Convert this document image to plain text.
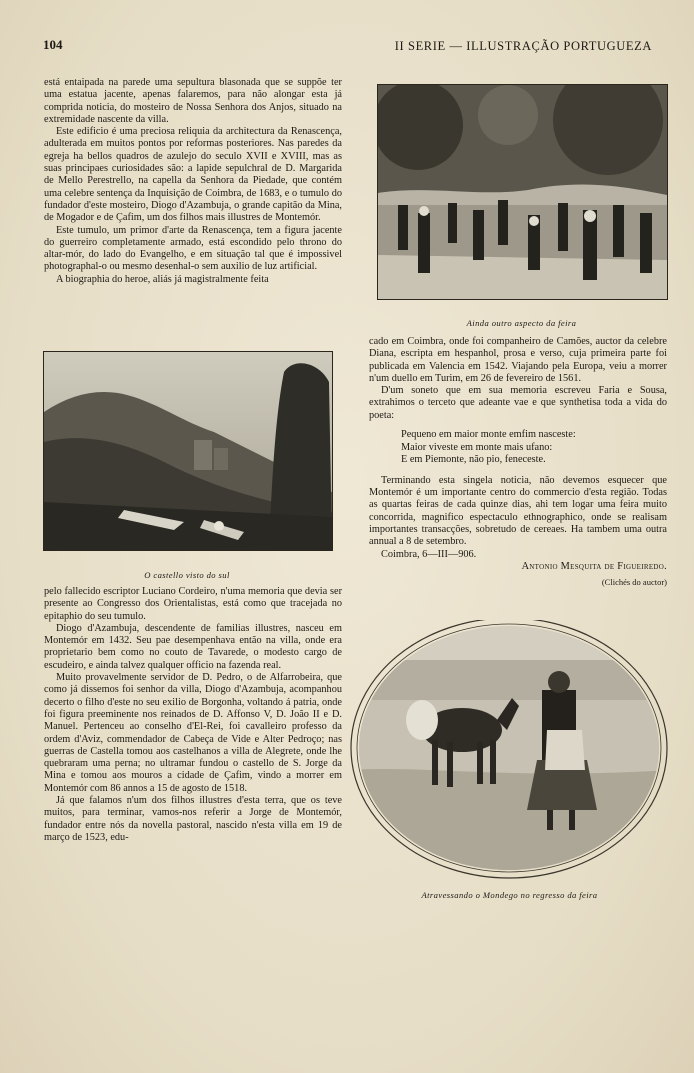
104	II SERIE — ILLUSTRAÇÃO PORTUGUEZA

está entaipada na parede uma sepultura blasonada que se suppõe ter uma estatua jacente, apenas falaremos, para não alongar esta já comprida noticia, do mosteiro de Nossa Senhora dos Anjos, situado na extremidade nascente da villa.

Este edificio é uma preciosa reliquia da architectura da Renascença, adulterada em muitos pontos por reformas posteriores. Nas paredes da egreja ha bellos quadros de azulejo do seculo XVII e XVIII, mas as suas principaes curiosidades são: a lapide sepulchral de D. Margarida de Mello Perestrello, na capella da Senhora da Piedade, que contém uma celebre sentença da Inquisição de Coimbra, de 1683, e o tumulo do fundador d'este mosteiro, Diogo d'Azambuja, o grande capitão da Mina, de Mogador e de Çafim, um dos filhos mais illustres de Montemór.

Este tumulo, um primor d'arte da Renascença, tem a figura jacente do guerreiro completamente armado, está escondido pelo throno do altar-mór, do lado do Evangelho, e em situação tal que é impossivel photographal-o ou mesmo desenhal-o sem auxilio de luz artificial.

A biographia do heroe, aliás já magistralmente feita

O castello visto do sul

pelo fallecido escriptor Luciano Cordeiro, n'uma memoria que devia ser presente ao Congresso dos Orientalistas, está como que tracejada no epitaphio do seu tumulo.

Diogo d'Azambuja, descendente de familias illustres, nasceu em Montemór em 1432. Seu pae desempenhava então na villa, onde era proprietario bem como no couto de Tavarede, o modesto cargo de escudeiro, e ainda talvez qualquer officio na fazenda real.

Muito provavelmente servidor de D. Pedro, o de Alfarrobeira, que como já dissemos foi senhor da villa, Diogo d'Azambuja, acompanhou decerto o filho d'este no seu exilio de Borgonha, voltando á patria, onde foi figura preeminente nos reinados de D. Affonso V, D. João II e D. Manuel. Pertenceu ao conselho d'El-Rei, foi cavalleiro professo da ordem d'Aviz, commendador de Cabeça de Vide e Alter Pedroço; nas guerras de Castella tomou aos castelhanos a villa de Alegrete, onde lhe quebraram uma perna; no ultramar fundou o castello de S. Jorge da Mina e tomou aos mouros a cidade de Çafim, vindo a morrer em Montemór com 86 annos a 15 de agosto de 1518.

Já que falamos n'um dos filhos illustres d'esta terra, que os teve muitos, para terminar, vamos-nos referir a Jorge de Montemór, fundador entre nós da novella pastoral, nascido n'esta villa em 19 de março de 1523, edu-

Ainda outro aspecto da feira

cado em Coimbra, onde foi companheiro de Camões, auctor da celebre Diana, escripta em hespanhol, prosa e verso, cuja primeira parte foi publicada em Valencia em 1542. Viajando pela Europa, veiu a morrer n'um duello em Turim, em 26 de fevereiro de 1561.

D'um soneto que em sua memoria escreveu Faria e Sousa, extrahimos o terceto que adeante vae e que synthetisa toda a vida do poeta:

Pequeno em maior monte emfim nasceste:
Maior viveste em monte mais ufano:
E em Piemonte, não pio, feneceste.

Terminando esta singela noticia, não devemos esquecer que Montemór é um importante centro do commercio d'esta região. Todas as quartas feiras de cada quinze dias, ahi tem logar uma feira muito concorrida, magnifico espectaculo ethnographico, onde se realisam importantes transacções, sobretudo de cereaes. Ha tambem uma outra annual a 8 de setembro.

Coimbra, 6—III—906.

Antonio Mesquita de Figueiredo.
(Clichés do auctor)
Atravessando o Mondego no regresso da feira
